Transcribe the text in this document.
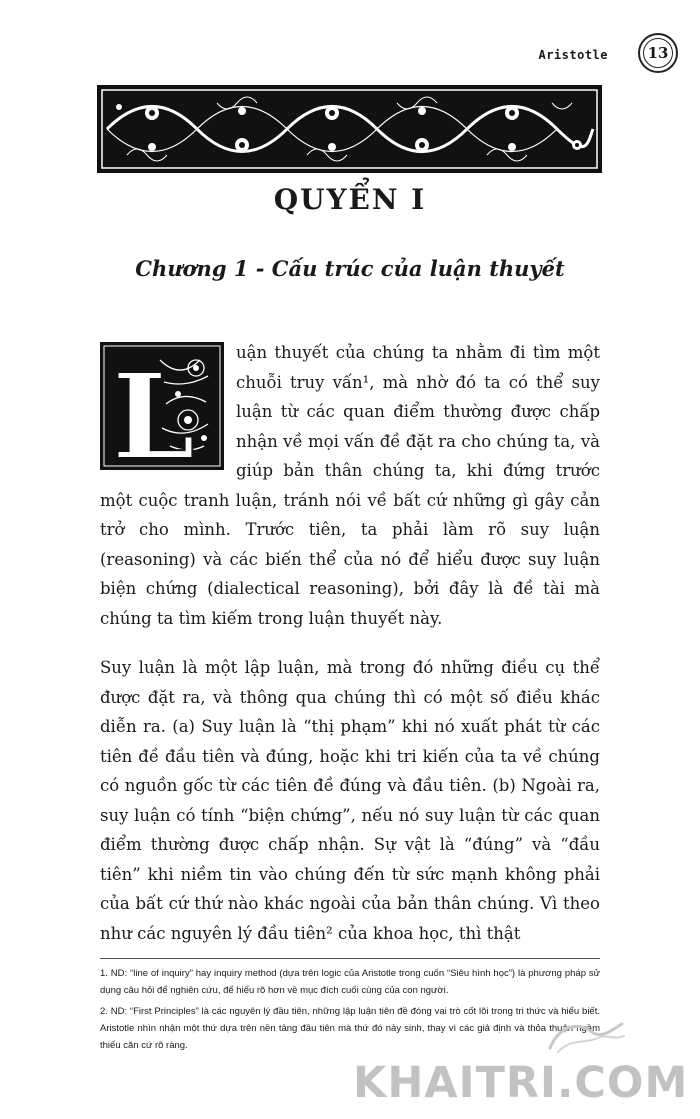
Aristotle	13
QUYỂN I
Chương 1 - Cấu trúc của luận thuyết
L	uận thuyết của chúng ta nhằm đi tìm một chuỗi truy vấn¹, mà nhờ đó ta có thể suy luận từ các quan điểm thường được chấp nhận về mọi vấn đề đặt ra cho chúng ta, và giúp bản thân chúng ta, khi đứng trước một cuộc tranh luận, tránh nói về bất cứ những gì gây cản trở cho mình. Trước tiên, ta phải làm rõ suy luận (reasoning) và các biến thể của nó để hiểu được suy luận biện chứng (dialectical reasoning), bởi đây là đề tài mà chúng ta tìm kiếm trong luận thuyết này.

Suy luận là một lập luận, mà trong đó những điều cụ thể được đặt ra, và thông qua chúng thì có một số điều khác diễn ra. (a) Suy luận là “thị phạm” khi nó xuất phát từ các tiên đề đầu tiên và đúng, hoặc khi tri kiến của ta về chúng có nguồn gốc từ các tiên đề đúng và đầu tiên. (b) Ngoài ra, suy luận có tính “biện chứng”, nếu nó suy luận từ các quan điểm thường được chấp nhận. Sự vật là “đúng” và “đầu tiên” khi niềm tin vào chúng đến từ sức mạnh không phải của bất cứ thứ nào khác ngoài của bản thân chúng. Vì theo như các nguyên lý đầu tiên² của khoa học, thì thật

1. ND: “line of inquiry” hay inquiry method (dựa trên logic của Aristotle trong cuốn “Siêu hình học”) là phương pháp sử dụng câu hỏi để nghiên cứu, để hiểu rõ hơn về mục đích cuối cùng của con người.

2. ND: “First Principles” là các nguyên lý đầu tiên, những lập luận tiên đề đóng vai trò cốt lõi trong tri thức và hiểu biết. Aristotle nhìn nhận một thứ dựa trên nền tảng đầu tiên mà thứ đó nảy sinh, thay vì các giả định và thỏa thuận ngầm thiếu căn cứ rõ ràng.

KHAITRI.COM
